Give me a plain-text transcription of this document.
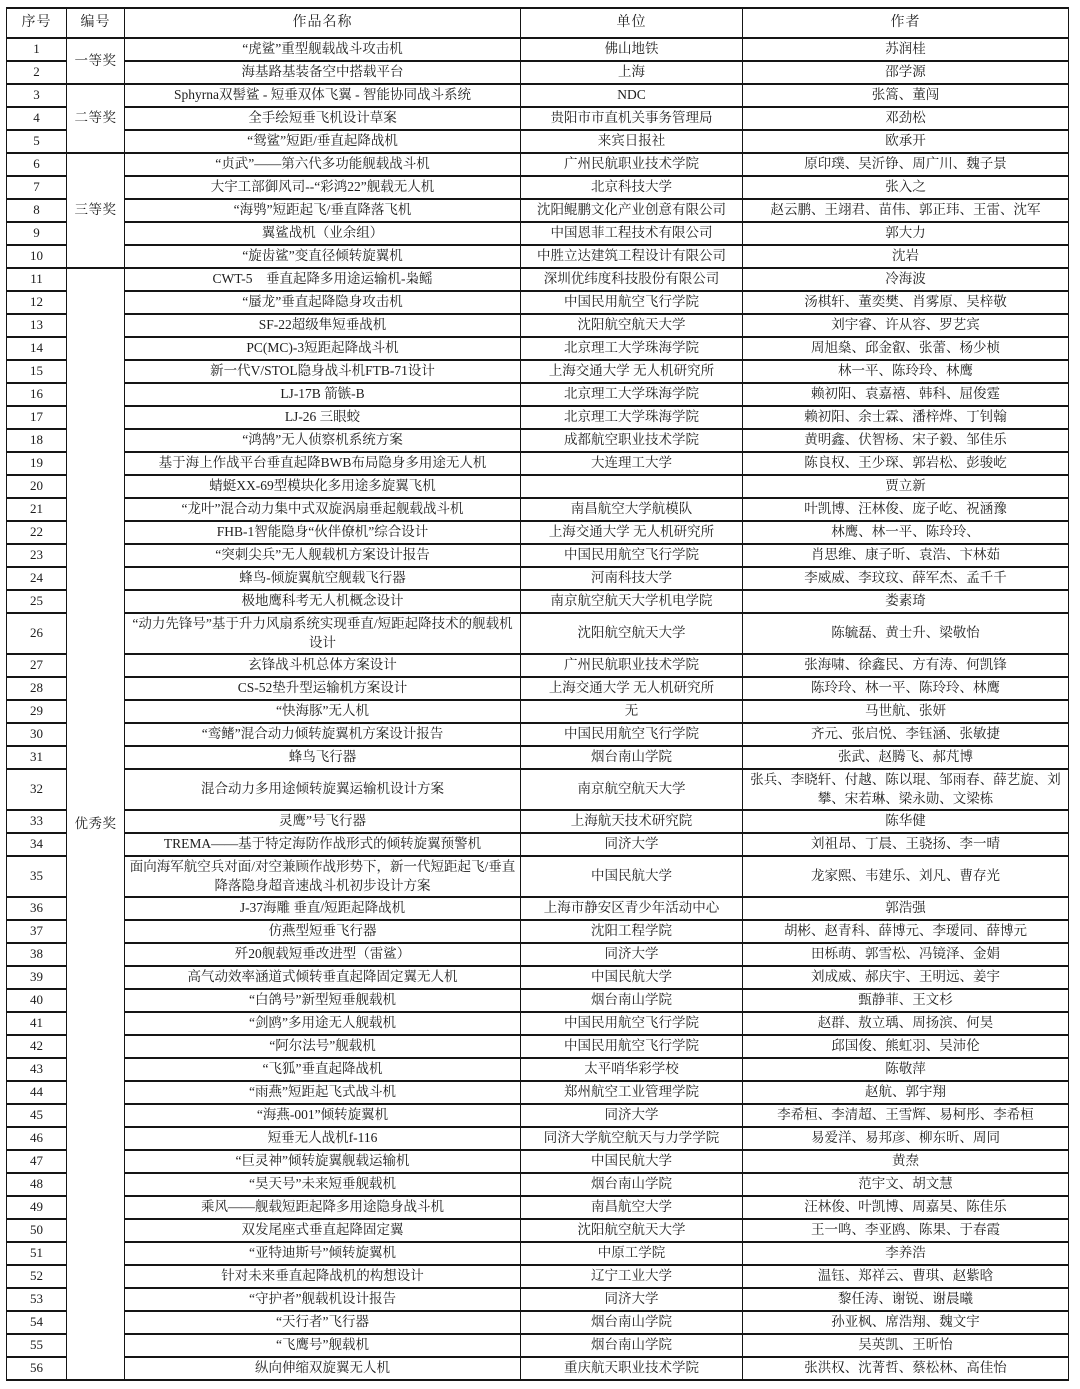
序号	编号	作品名称	单位	作者
1	一等奖	“虎鲨”重型舰载战斗攻击机	佛山地铁	苏润桂
2		海基路基装备空中搭载平台	上海	邵学源
3	二等奖	Sphyrna双髻鲨 - 短垂双体飞翼 - 智能协同战斗系统	NDC	张篙、董闯
4		全手绘短垂飞机设计草案	贵阳市市直机关事务管理局	邓劲松
5		“鸳鲨”短距/垂直起降战机	来宾日报社	欧承开
6	三等奖	“贞武”——第六代多功能舰载战斗机	广州民航职业技术学院	原印璞、吴沂铮、周广川、魏子景
7		大宇工部御风司--“彩鸿22”舰载无人机	北京科技大学	张入之
8		“海鸮”短距起飞/垂直降落飞机	沈阳鲲鹏文化产业创意有限公司	赵云鹏、王翊君、苗伟、郭正玮、王雷、沈军
9		翼鲨战机（业余组）	中国恩菲工程技术有限公司	郭大力
10		“旋齿鲨”变直径倾转旋翼机	中胜立达建筑工程设计有限公司	沈岩
11	优秀奖	CWT-5　垂直起降多用途运输机-枭鳐	深圳优纬度科技股份有限公司	冷海波
12		“蜃龙”垂直起降隐身攻击机	中国民用航空飞行学院	汤棋轩、董奕樊、肖雾原、吴梓敬
13		SF-22超级隼短垂战机	沈阳航空航天大学	刘宇睿、许从容、罗艺宾
14		PC(MC)-3短距起降战斗机	北京理工大学珠海学院	周旭燊、邱金叡、张蕾、杨少桢
15		新一代V/STOL隐身战斗机FTB-71设计	上海交通大学 无人机研究所	林一平、陈玲玲、林鹰
16		LJ-17B 箭镞-B	北京理工大学珠海学院	赖初阳、袁嘉禧、韩科、屈俊霆
17		LJ-26 三眼蛟	北京理工大学珠海学院	赖初阳、余士霖、潘梓烨、丁钊翰
18		“鸿鹄”无人侦察机系统方案	成都航空职业技术学院	黄明鑫、伏智杨、宋子毅、邹佳乐
19		基于海上作战平台垂直起降BWB布局隐身多用途无人机	大连理工大学	陈良权、王少琛、郭岩松、彭骏屹
20		蜻蜓XX-69型模块化多用途多旋翼飞机		贾立新
21		“龙叶”混合动力集中式双旋涡扇垂起舰载战斗机	南昌航空大学航模队	叶凯博、汪林俊、庞子屹、祝涵豫
22		FHB-1智能隐身“伙伴僚机”综合设计	上海交通大学 无人机研究所	林鹰、林一平、陈玲玲、
23		“突刺尖兵”无人舰载机方案设计报告	中国民用航空飞行学院	肖思维、康子昕、袁浩、卞林茹
24		蜂鸟-倾旋翼航空舰载飞行器	河南科技大学	李威威、李玟玟、薛军杰、孟千千
25		极地鹰科考无人机概念设计	南京航空航天大学机电学院	娄素琦
26		“动力先锋号”基于升力风扇系统实现垂直/短距起降技术的舰载机设计	沈阳航空航天大学	陈毓磊、黄士升、梁敬怡
27		玄锋战斗机总体方案设计	广州民航职业技术学院	张海啸、徐鑫民、方有涛、何凯锋
28		CS-52垫升型运输机方案设计	上海交通大学 无人机研究所	陈玲玲、林一平、陈玲玲、林鹰
29		“快海豚”无人机	无	马世航、张妍
30		“鸾鳍”混合动力倾转旋翼机方案设计报告	中国民用航空飞行学院	齐元、张启悦、李钰涵、张敏捷
31		蜂鸟飞行器	烟台南山学院	张武、赵腾飞、郝芃博
32		混合动力多用途倾转旋翼运输机设计方案	南京航空航天大学	张兵、李晓轩、付越、陈以琨、邹雨春、薛艺旋、刘攀、宋若琳、梁永勋、文梁栋
33		灵鹰”号飞行器	上海航天技术研究院	陈华健
34		TREMA——基于特定海防作战形式的倾转旋翼预警机	同济大学	刘祖昂、丁晨、王骁扬、李一晴
35		面向海军航空兵对面/对空兼顾作战形势下，新一代短距起飞/垂直降落隐身超音速战斗机初步设计方案	中国民航大学	龙家熙、韦建乐、刘凡、曹存光
36		J-37海雕 垂直/短距起降战机	上海市静安区青少年活动中心	郭浩强
37		仿燕型短垂飞行器	沈阳工程学院	胡彬、赵青科、薛博元、李瑷同、薛博元
38		歼20舰载短垂改进型（雷鲨）	同济大学	田栎萌、郭雪松、冯镜泽、金娟
39		高气动效率涵道式倾转垂直起降固定翼无人机	中国民航大学	刘成威、郝庆宇、王明远、姜宇
40		“白鸽号”新型短垂舰载机	烟台南山学院	甄静菲、王文杉
41		“剑鸥”多用途无人舰载机	中国民用航空飞行学院	赵群、敖立瑀、周扬滨、何昊
42		“阿尔法号”舰载机	中国民用航空飞行学院	邱国俊、熊虹羽、吴沛伦
43		“飞狐”垂直起降战机	太平哨华彩学校	陈敬萍
44		“雨燕”短距起飞式战斗机	郑州航空工业管理学院	赵航、郭宇翔
45		“海燕-001”倾转旋翼机	同济大学	李希桓、李清超、王雪辉、易柯彤、李希桓
46		短垂无人战机f-116	同济大学航空航天与力学学院	易爱洋、易邦彦、柳东昕、周同
47		“巨灵神”倾转旋翼舰载运输机	中国民航大学	黄焘
48		“昊天号”未来短垂舰载机	烟台南山学院	范宇文、胡文慧
49		乘风——舰载短距起降多用途隐身战斗机	南昌航空大学	汪林俊、叶凯博、周嘉昊、陈佳乐
50		双发尾座式垂直起降固定翼	沈阳航空航天大学	王一鸣、李亚鸥、陈果、于春霞
51		“亚特迪斯号”倾转旋翼机	中原工学院	李养浩
52		针对未来垂直起降战机的构想设计	辽宁工业大学	温钰、郑祥云、曹琪、赵紫晗
53		“守护者”舰载机设计报告	同济大学	黎任涛、谢锐、谢晨曦
54		“天行者”飞行器	烟台南山学院	孙亚枫、席浩翔、魏文宇
55		“飞鹰号”舰载机	烟台南山学院	吴英凯、王昕怡
56		纵向伸缩双旋翼无人机	重庆航天职业技术学院	张洪权、沈菁哲、蔡松林、高佳怡
